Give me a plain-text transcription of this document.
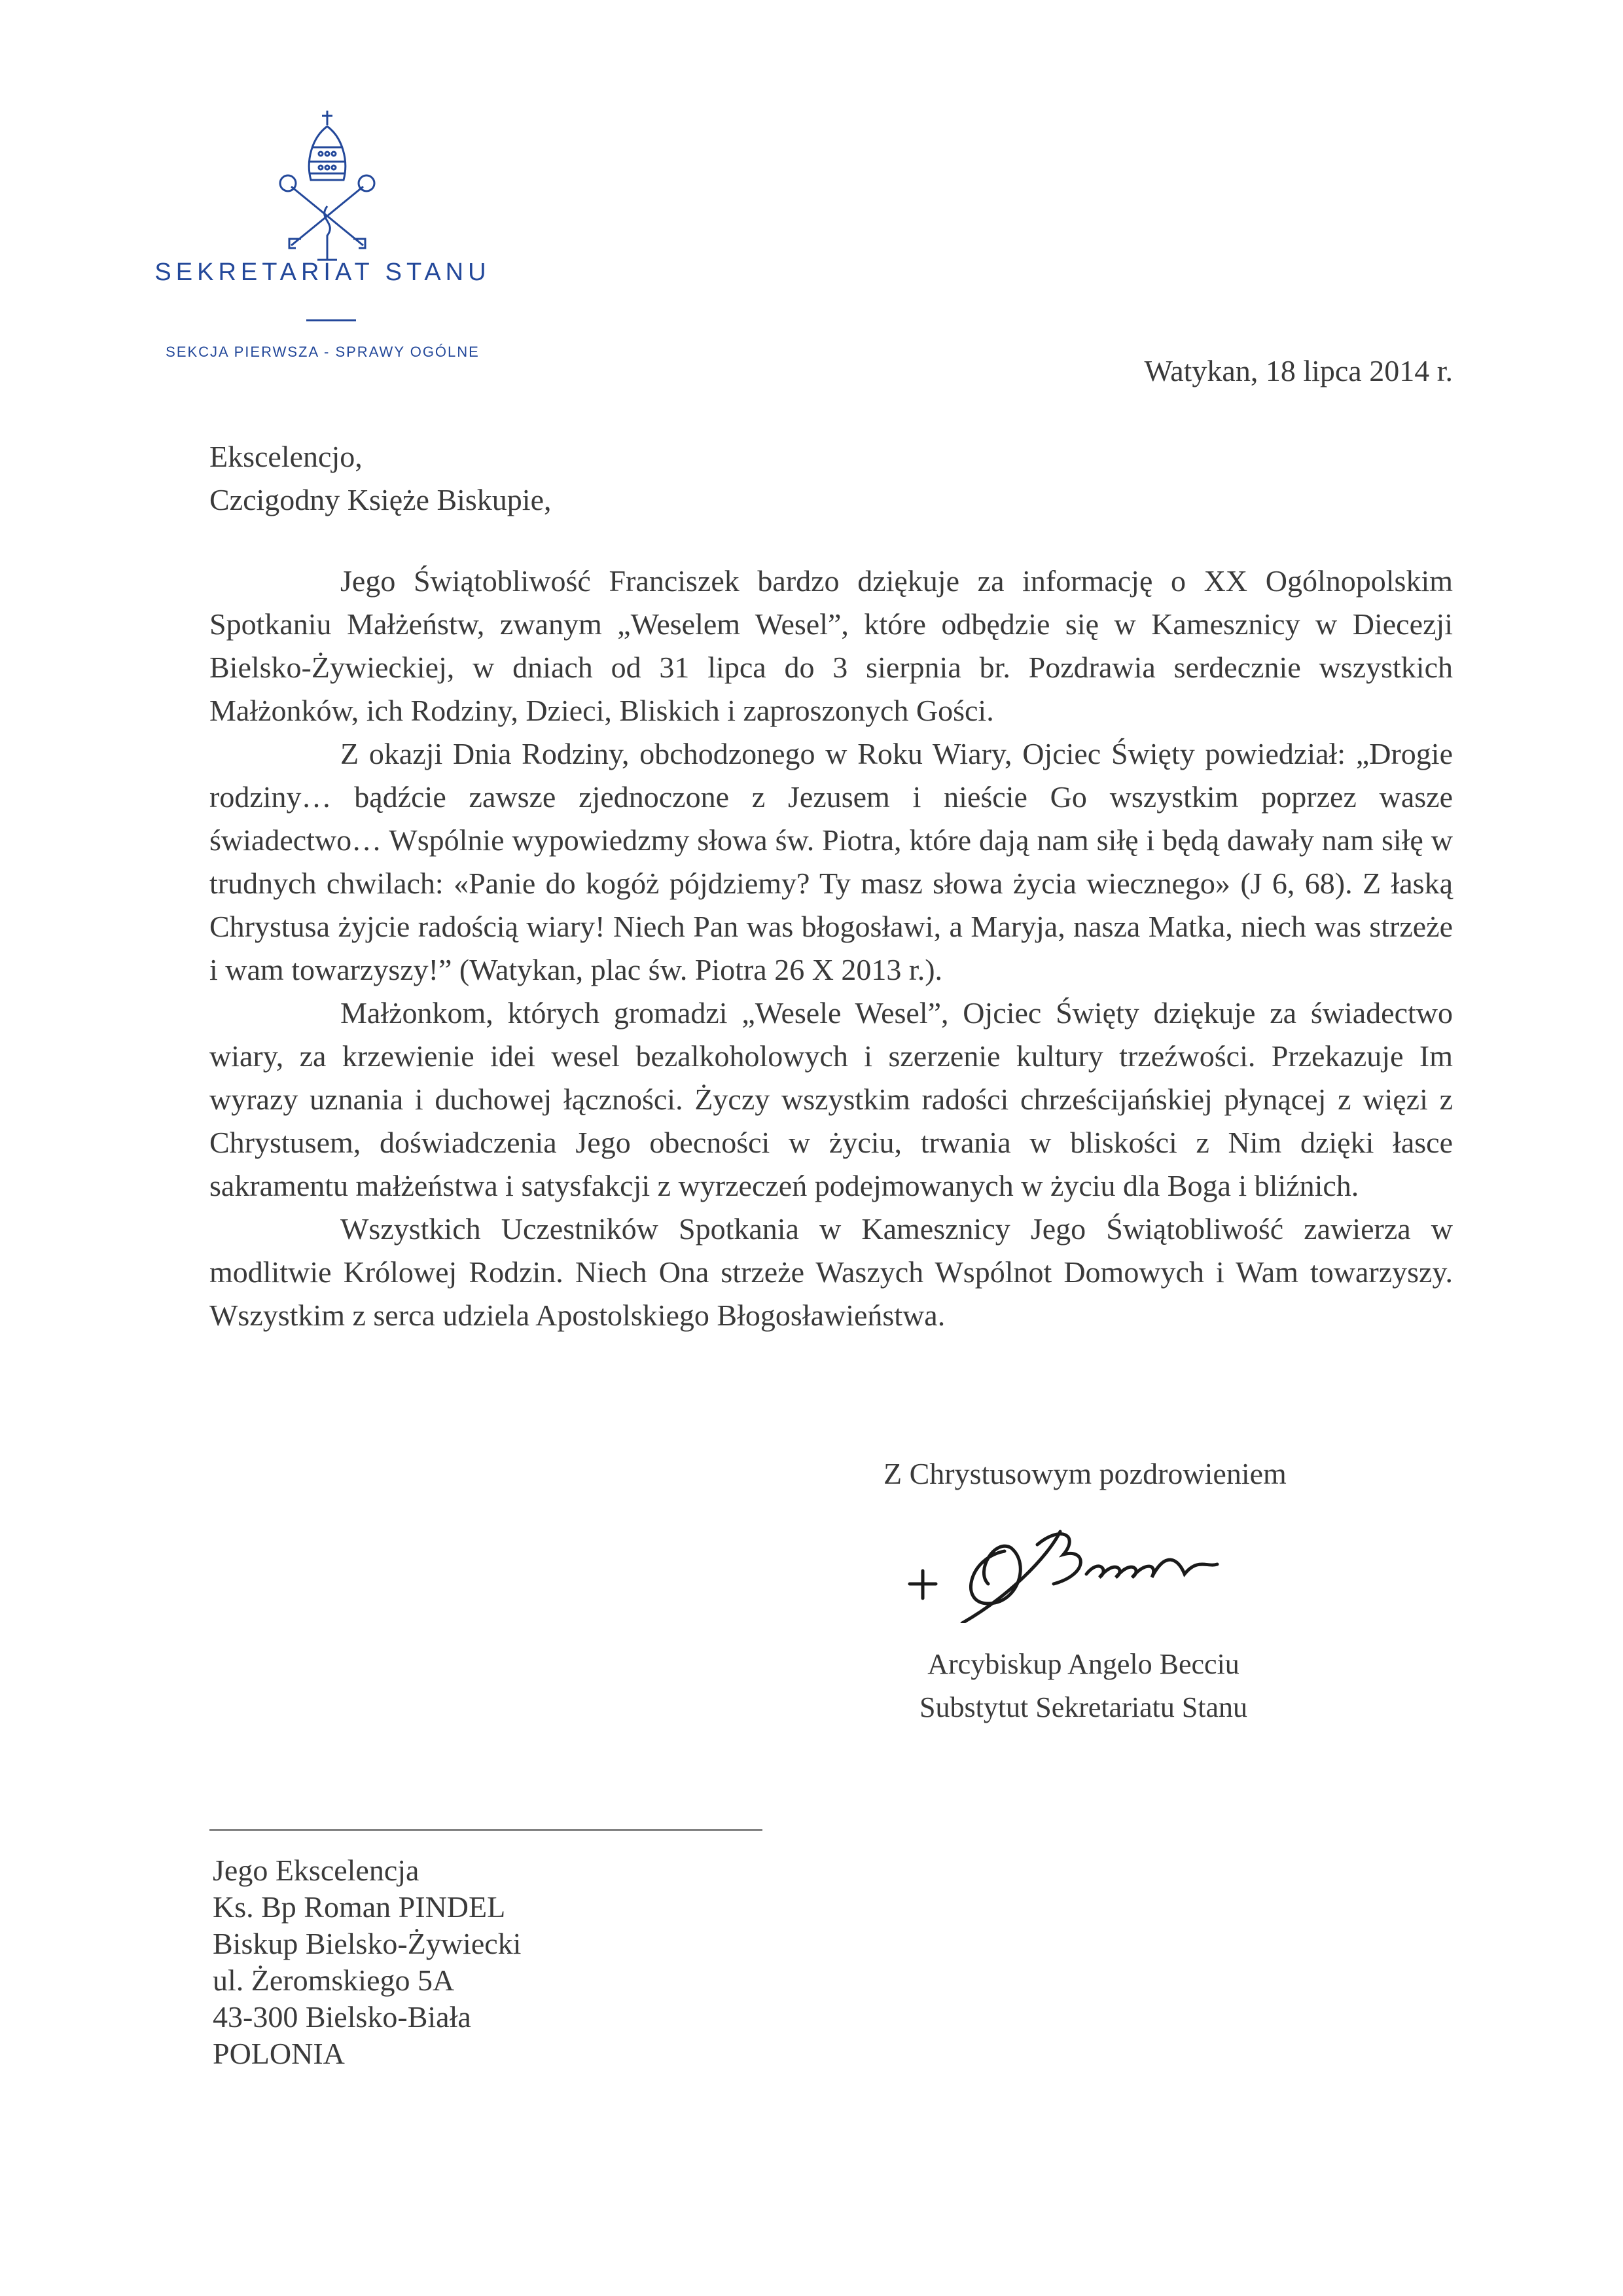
SEKRETARIAT STANU
SEKCJA PIERWSZA - SPRAWY OGÓLNE
Watykan, 18 lipca 2014 r.
Ekscelencjo,
Czcigodny Księże Biskupie,

Jego Świątobliwość Franciszek bardzo dziękuje za informację o XX Ogólnopolskim Spotkaniu Małżeństw, zwanym „Weselem Wesel”, które odbędzie się w Kamesznicy w Diecezji Bielsko-Żywieckiej, w dniach od 31 lipca do 3 sierpnia br. Pozdrawia serdecznie wszystkich Małżonków, ich Rodziny, Dzieci, Bliskich i zaproszonych Gości.

Z okazji Dnia Rodziny, obchodzonego w Roku Wiary, Ojciec Święty powiedział: „Drogie rodziny… bądźcie zawsze zjednoczone z Jezusem i nieście Go wszystkim poprzez wasze świadectwo… Wspólnie wypowiedzmy słowa św. Piotra, które dają nam siłę i będą dawały nam siłę w trudnych chwilach: «Panie do kogóż pójdziemy? Ty masz słowa życia wiecznego» (J 6, 68). Z łaską Chrystusa żyjcie radością wiary! Niech Pan was błogosławi, a Maryja, nasza Matka, niech was strzeże i wam towarzyszy!” (Watykan, plac św. Piotra 26 X 2013 r.).

Małżonkom, których gromadzi „Wesele Wesel”, Ojciec Święty dziękuje za świadectwo wiary, za krzewienie idei wesel bezalkoholowych i szerzenie kultury trzeźwości. Przekazuje Im wyrazy uznania i duchowej łączności. Życzy wszystkim radości chrześcijańskiej płynącej z więzi z Chrystusem, doświadczenia Jego obecności w życiu, trwania w bliskości z Nim dzięki łasce sakramentu małżeństwa i satysfakcji z wyrzeczeń podejmowanych w życiu dla Boga i bliźnich.

Wszystkich Uczestników Spotkania w Kamesznicy Jego Świątobliwość zawierza w modlitwie Królowej Rodzin. Niech Ona strzeże Waszych Wspólnot Domowych i Wam towarzyszy. Wszystkim z serca udziela Apostolskiego Błogosławieństwa.

Z Chrystusowym pozdrowieniem
Arcybiskup Angelo Becciu
Substytut Sekretariatu Stanu
Jego Ekscelencja
Ks. Bp Roman PINDEL
Biskup Bielsko-Żywiecki
ul. Żeromskiego 5A
43-300 Bielsko-Biała
POLONIA
